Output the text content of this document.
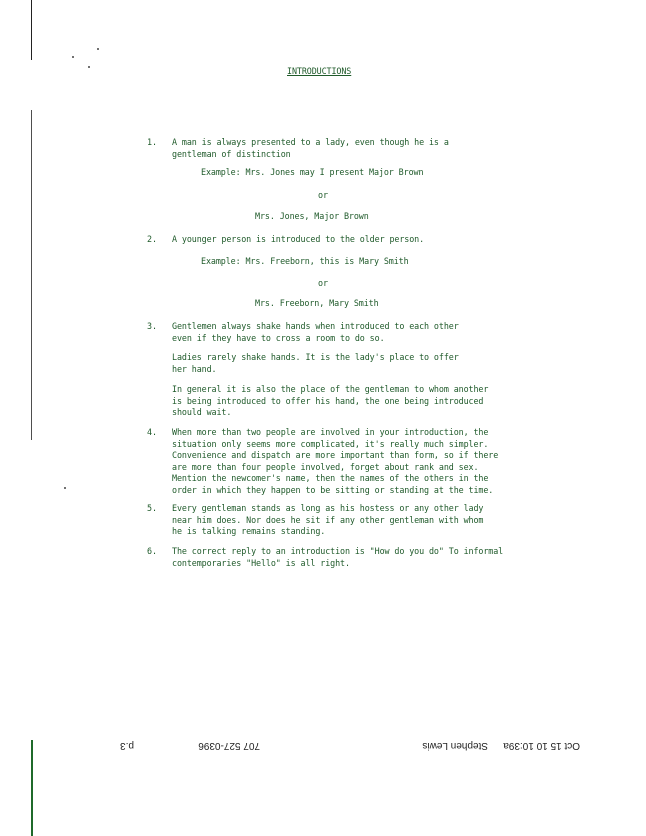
INTRODUCTIONS
1. A man is always presented to a lady, even though he is a
gentleman of distinction
Example: Mrs. Jones may I present Major Brown
or
Mrs. Jones, Major Brown
2. A younger person is introduced to the older person.
Example: Mrs. Freeborn, this is Mary Smith
or
Mrs. Freeborn, Mary Smith
3. Gentlemen always shake hands when introduced to each other
even if they have to cross a room to do so.
Ladies rarely shake hands. It is the lady's place to offer
her hand.
In general it is also the place of the gentleman to whom another
is being introduced to offer his hand, the one being introduced
should wait.
4. When more than two people are involved in your introduction, the
situation only seems more complicated, it's really much simpler.
Convenience and dispatch are more important than form, so if there
are more than four people involved, forget about rank and sex.
Mention the newcomer's name, then the names of the others in the
order in which they happen to be sitting or standing at the time.
5. Every gentleman stands as long as his hostess or any other lady
near him does. Nor does he sit if any other gentleman with whom
he is talking remains standing.
6. The correct reply to an introduction is "How do you do" To informal
contemporaries "Hello" is all right.
Oct 15 10 10:39a
Stephen Lewis
707 527-0396
p.3
